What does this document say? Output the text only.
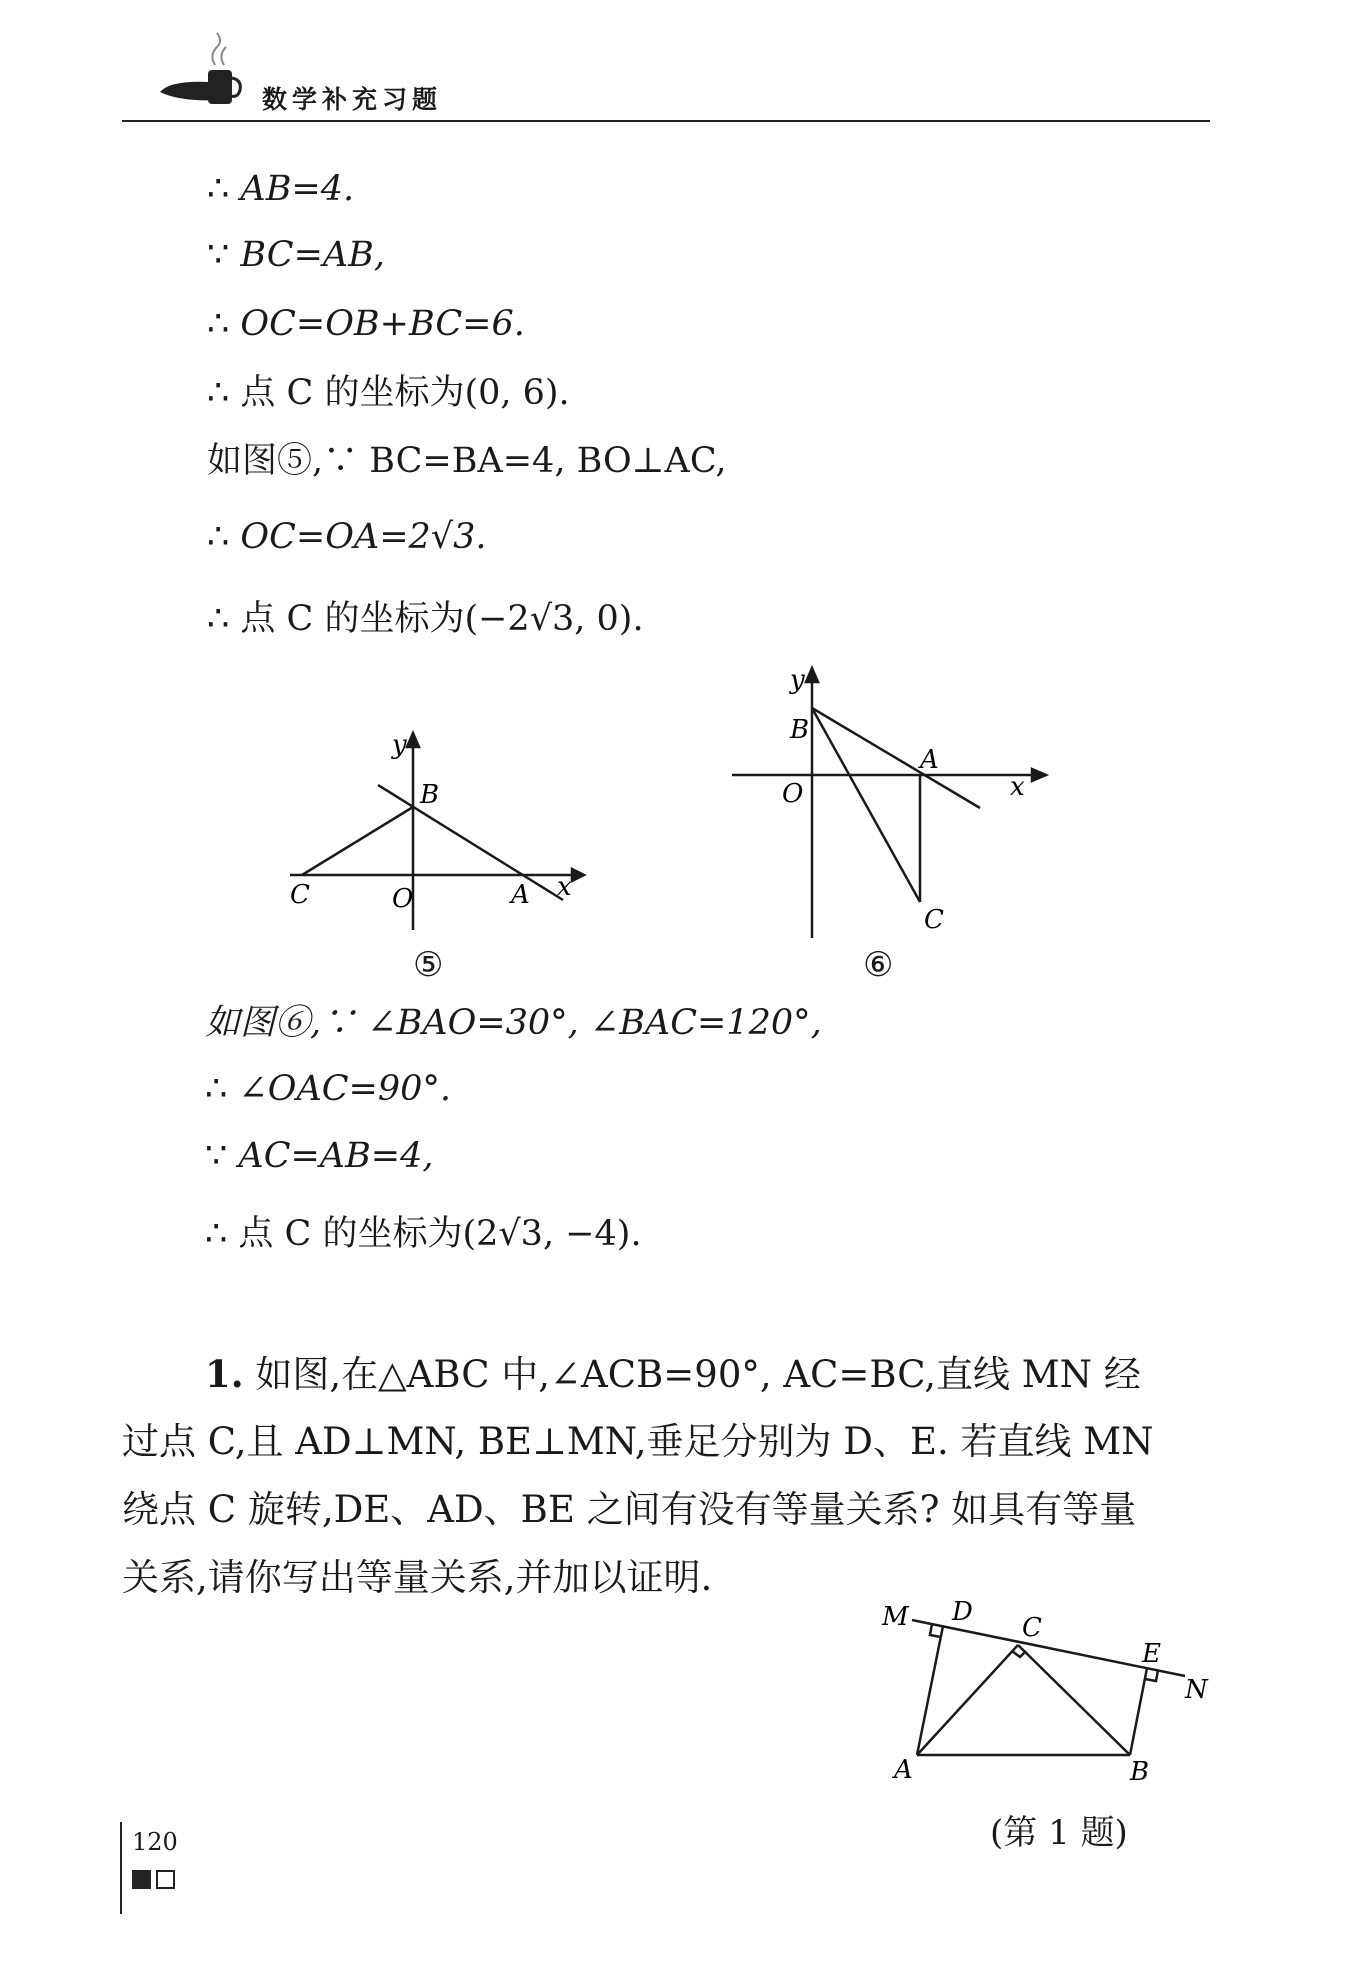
数学补充习题
∴ AB=4.
∵ BC=AB,
∴ OC=OB+BC=6.
∴ 点 C 的坐标为(0, 6).
如图⑤,∵ BC=BA=4, BO⊥AC,
∴ OC=OA=2√3.
∴ 点 C 的坐标为(−2√3, 0).
y
x
B
C	O	A
⑤
y
x
B
A
O
C
⑥
如图⑥,∵ ∠BAO=30°, ∠BAC=120°,
∴ ∠OAC=90°.
∵ AC=AB=4,
∴ 点 C 的坐标为(2√3, −4).
1. 如图,在△ABC 中,∠ACB=90°, AC=BC,直线 MN 经
过点 C,且 AD⊥MN, BE⊥MN,垂足分别为 D、E. 若直线 MN
绕点 C 旋转,DE、AD、BE 之间有没有等量关系? 如具有等量
关系,请你写出等量关系,并加以证明.
M D
C
E
N
A	B
(第 1 题)
120
